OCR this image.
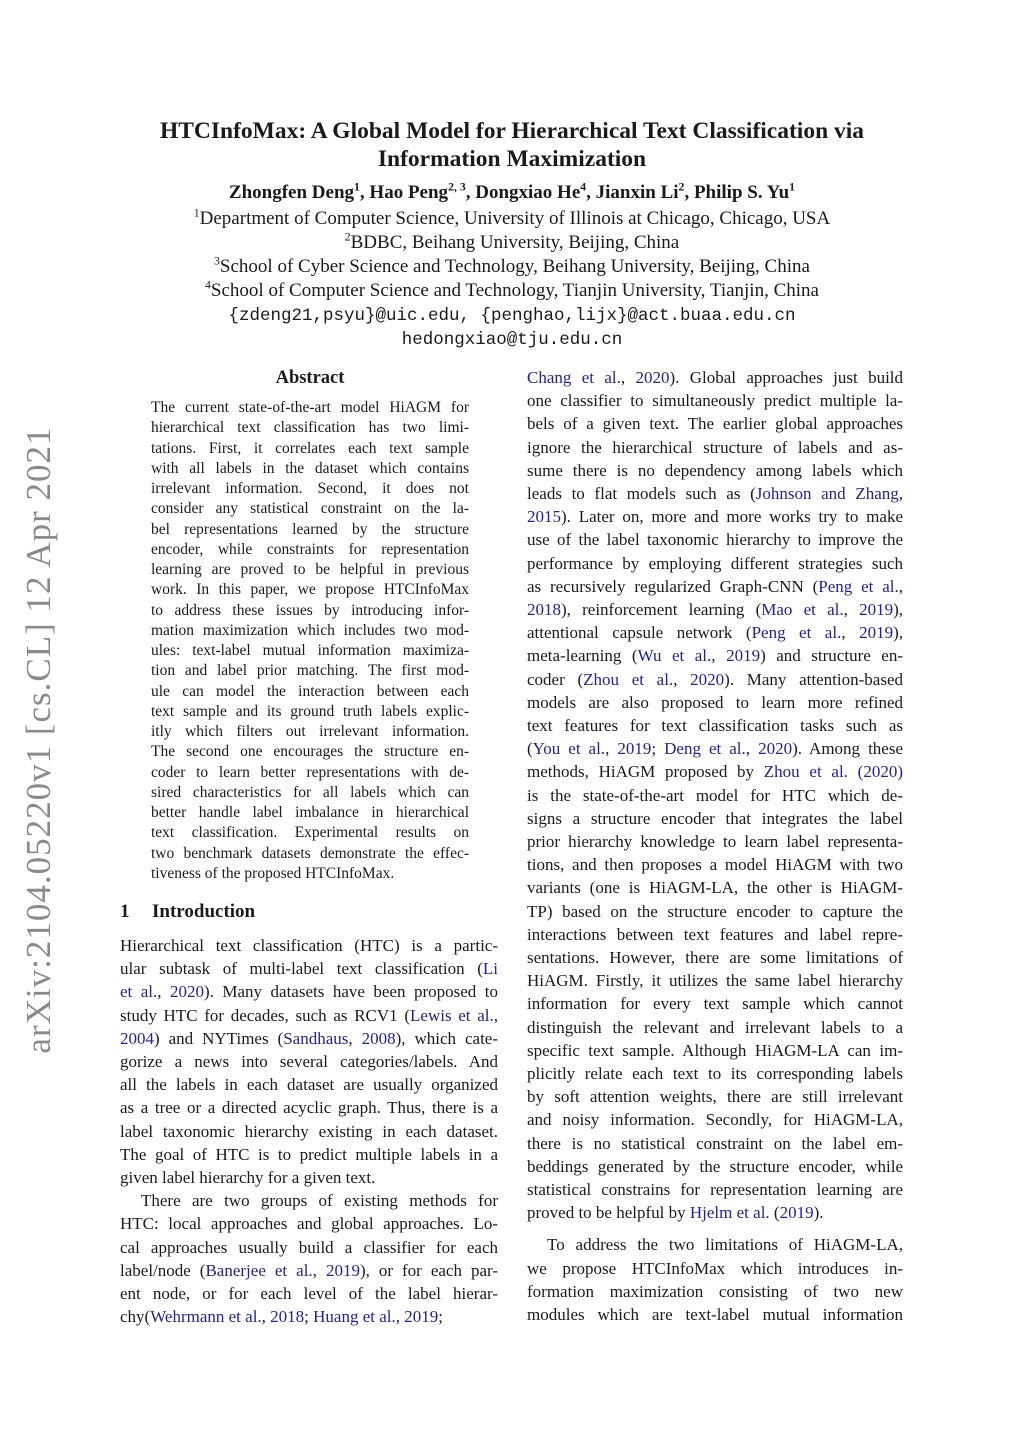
HTCInfoMax: A Global Model for Hierarchical Text Classification via
Information Maximization
Zhongfen Deng$^1$, Hao Peng$^{2, 3}$, Dongxiao He$^4$, Jianxin Li$^2$, Philip S. Yu$^1$
$^1$Department of Computer Science, University of Illinois at Chicago, Chicago, USA
$^2$BDBC, Beihang University, Beijing, China
$^3$School of Cyber Science and Technology, Beihang University, Beijing, China
$^4$School of Computer Science and Technology, Tianjin University, Tianjin, China
{zdeng21,psyu}@uic.edu, {penghao,lijx}@act.buaa.edu.cn
hedongxiao@tju.edu.cn
arXiv:2104.05220v1 [cs.CL] 12 Apr 2021
Abstract
The current state-of-the-art model HiAGM for
hierarchical text classification has two limi-
tations. First, it correlates each text sample
with all labels in the dataset which contains
irrelevant information. Second, it does not
consider any statistical constraint on the la-
bel representations learned by the structure
encoder, while constraints for representation
learning are proved to be helpful in previous
work. In this paper, we propose HTCInfoMax
to address these issues by introducing infor-
mation maximization which includes two mod-
ules: text-label mutual information maximiza-
tion and label prior matching. The first mod-
ule can model the interaction between each
text sample and its ground truth labels explic-
itly which filters out irrelevant information.
The second one encourages the structure en-
coder to learn better representations with de-
sired characteristics for all labels which can
better handle label imbalance in hierarchical
text classification. Experimental results on
two benchmark datasets demonstrate the effec-
tiveness of the proposed HTCInfoMax.
1 Introduction
Hierarchical text classification (HTC) is a partic-
ular subtask of multi-label text classification (Li
et al., 2020). Many datasets have been proposed to
study HTC for decades, such as RCV1 (Lewis et al.,
2004) and NYTimes (Sandhaus, 2008), which cate-
gorize a news into several categories/labels. And
all the labels in each dataset are usually organized
as a tree or a directed acyclic graph. Thus, there is a
label taxonomic hierarchy existing in each dataset.
The goal of HTC is to predict multiple labels in a
given label hierarchy for a given text.
There are two groups of existing methods for
HTC: local approaches and global approaches. Lo-
cal approaches usually build a classifier for each
label/node (Banerjee et al., 2019), or for each par-
ent node, or for each level of the label hierar-
chy(Wehrmann et al., 2018; Huang et al., 2019;
Chang et al., 2020). Global approaches just build
one classifier to simultaneously predict multiple la-
bels of a given text. The earlier global approaches
ignore the hierarchical structure of labels and as-
sume there is no dependency among labels which
leads to flat models such as (Johnson and Zhang,
2015). Later on, more and more works try to make
use of the label taxonomic hierarchy to improve the
performance by employing different strategies such
as recursively regularized Graph-CNN (Peng et al.,
2018), reinforcement learning (Mao et al., 2019),
attentional capsule network (Peng et al., 2019),
meta-learning (Wu et al., 2019) and structure en-
coder (Zhou et al., 2020). Many attention-based
models are also proposed to learn more refined
text features for text classification tasks such as
(You et al., 2019; Deng et al., 2020). Among these
methods, HiAGM proposed by Zhou et al. (2020)
is the state-of-the-art model for HTC which de-
signs a structure encoder that integrates the label
prior hierarchy knowledge to learn label representa-
tions, and then proposes a model HiAGM with two
variants (one is HiAGM-LA, the other is HiAGM-
TP) based on the structure encoder to capture the
interactions between text features and label repre-
sentations. However, there are some limitations of
HiAGM. Firstly, it utilizes the same label hierarchy
information for every text sample which cannot
distinguish the relevant and irrelevant labels to a
specific text sample. Although HiAGM-LA can im-
plicitly relate each text to its corresponding labels
by soft attention weights, there are still irrelevant
and noisy information. Secondly, for HiAGM-LA,
there is no statistical constraint on the label em-
beddings generated by the structure encoder, while
statistical constrains for representation learning are
proved to be helpful by Hjelm et al. (2019).
To address the two limitations of HiAGM-LA,
we propose HTCInfoMax which introduces in-
formation maximization consisting of two new
modules which are text-label mutual information
